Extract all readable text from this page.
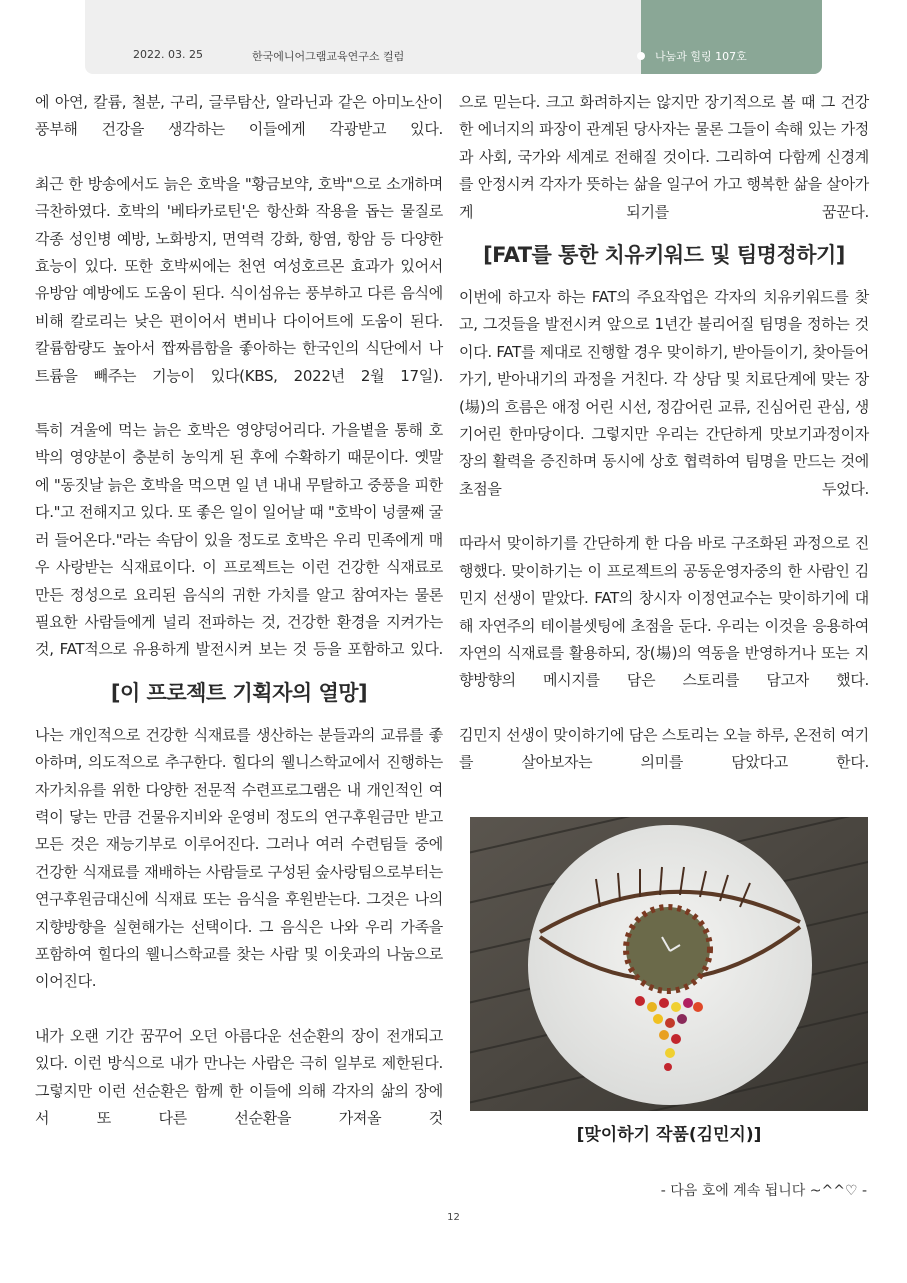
2022. 03. 25	한국에니어그램교육연구소 컬럼	나눔과 힐링 107호

에 아연, 칼륨, 철분, 구리, 글루탐산, 알라닌과 같은 아미노산이 풍부해 건강을 생각하는 이들에게 각광받고 있다.

최근 한 방송에서도 늙은 호박을 "황금보약, 호박"으로 소개하며 극찬하였다. 호박의 '베타카로틴'은 항산화 작용을 돕는 물질로 각종 성인병 예방, 노화방지, 면역력 강화, 항염, 항암 등 다양한 효능이 있다. 또한 호박씨에는 천연 여성호르몬 효과가 있어서 유방암 예방에도 도움이 된다. 식이섬유는 풍부하고 다른 음식에 비해 칼로리는 낮은 편이어서 변비나 다이어트에 도움이 된다. 칼륨함량도 높아서 짭짜름함을 좋아하는 한국인의 식단에서 나트륨을 빼주는 기능이 있다(KBS, 2022년 2월 17일).

특히 겨울에 먹는 늙은 호박은 영양덩어리다. 가을볕을 통해 호박의 영양분이 충분히 농익게 된 후에 수확하기 때문이다. 옛말에 "동짓날 늙은 호박을 먹으면 일 년 내내 무탈하고 중풍을 피한다."고 전해지고 있다. 또 좋은 일이 일어날 때 "호박이 넝쿨째 굴러 들어온다."라는 속담이 있을 정도로 호박은 우리 민족에게 매우 사랑받는 식재료이다. 이 프로젝트는 이런 건강한 식재료로 만든 정성으로 요리된 음식의 귀한 가치를 알고 참여자는 물론 필요한 사람들에게 널리 전파하는 것, 건강한 환경을 지켜가는 것, FAT적으로 유용하게 발전시켜 보는 것 등을 포함하고 있다.

[이 프로젝트 기획자의 열망]

나는 개인적으로 건강한 식재료를 생산하는 분들과의 교류를 좋아하며, 의도적으로 추구한다. 힐다의 웰니스학교에서 진행하는 자가치유를 위한 다양한 전문적 수련프로그램은 내 개인적인 여력이 닿는 만큼 건물유지비와 운영비 정도의 연구후원금만 받고 모든 것은 재능기부로 이루어진다. 그러나 여러 수련팀들 중에 건강한 식재료를 재배하는 사람들로 구성된 숲사랑팀으로부터는 연구후원금대신에 식재료 또는 음식을 후원받는다. 그것은 나의 지향방향을 실현해가는 선택이다. 그 음식은 나와 우리 가족을 포함하여 힐다의 웰니스학교를 찾는 사람 및 이웃과의 나눔으로 이어진다.

내가 오랜 기간 꿈꾸어 오던 아름다운 선순환의 장이 전개되고 있다. 이런 방식으로 내가 만나는 사람은 극히 일부로 제한된다. 그렇지만 이런 선순환은 함께 한 이들에 의해 각자의 삶의 장에서 또 다른 선순환을 가져올 것

으로 믿는다. 크고 화려하지는 않지만 장기적으로 볼 때 그 건강한 에너지의 파장이 관계된 당사자는 물론 그들이 속해 있는 가정과 사회, 국가와 세계로 전해질 것이다. 그리하여 다함께 신경계를 안정시켜 각자가 뜻하는 삶을 일구어 가고 행복한 삶을 살아가게 되기를 꿈꾼다.

[FAT를 통한 치유키워드 및 팀명정하기]

이번에 하고자 하는 FAT의 주요작업은 각자의 치유키워드를 찾고, 그것들을 발전시켜 앞으로 1년간 불리어질 팀명을 정하는 것이다. FAT를 제대로 진행할 경우 맞이하기, 받아들이기, 찾아들어가기, 받아내기의 과정을 거친다. 각 상담 및 치료단계에 맞는 장(場)의 흐름은 애정 어린 시선, 정감어린 교류, 진심어린 관심, 생기어린 한마당이다. 그렇지만 우리는 간단하게 맛보기과정이자 장의 활력을 증진하며 동시에 상호 협력하여 팀명을 만드는 것에 초점을 두었다.

따라서 맞이하기를 간단하게 한 다음 바로 구조화된 과정으로 진행했다. 맞이하기는 이 프로젝트의 공동운영자중의 한 사람인 김민지 선생이 맡았다. FAT의 창시자 이정연교수는 맞이하기에 대해 자연주의 테이블셋팅에 초점을 둔다. 우리는 이것을 응용하여 자연의 식재료를 활용하되, 장(場)의 역동을 반영하거나 또는 지향방향의 메시지를 담은 스토리를 담고자 했다.

김민지 선생이 맞이하기에 담은 스토리는 오늘 하루, 온전히 여기를 살아보자는 의미를 담았다고 한다.

[맞이하기 작품(김민지)]
- 다음 호에 계속 됩니다 ~^^♡ -
12
